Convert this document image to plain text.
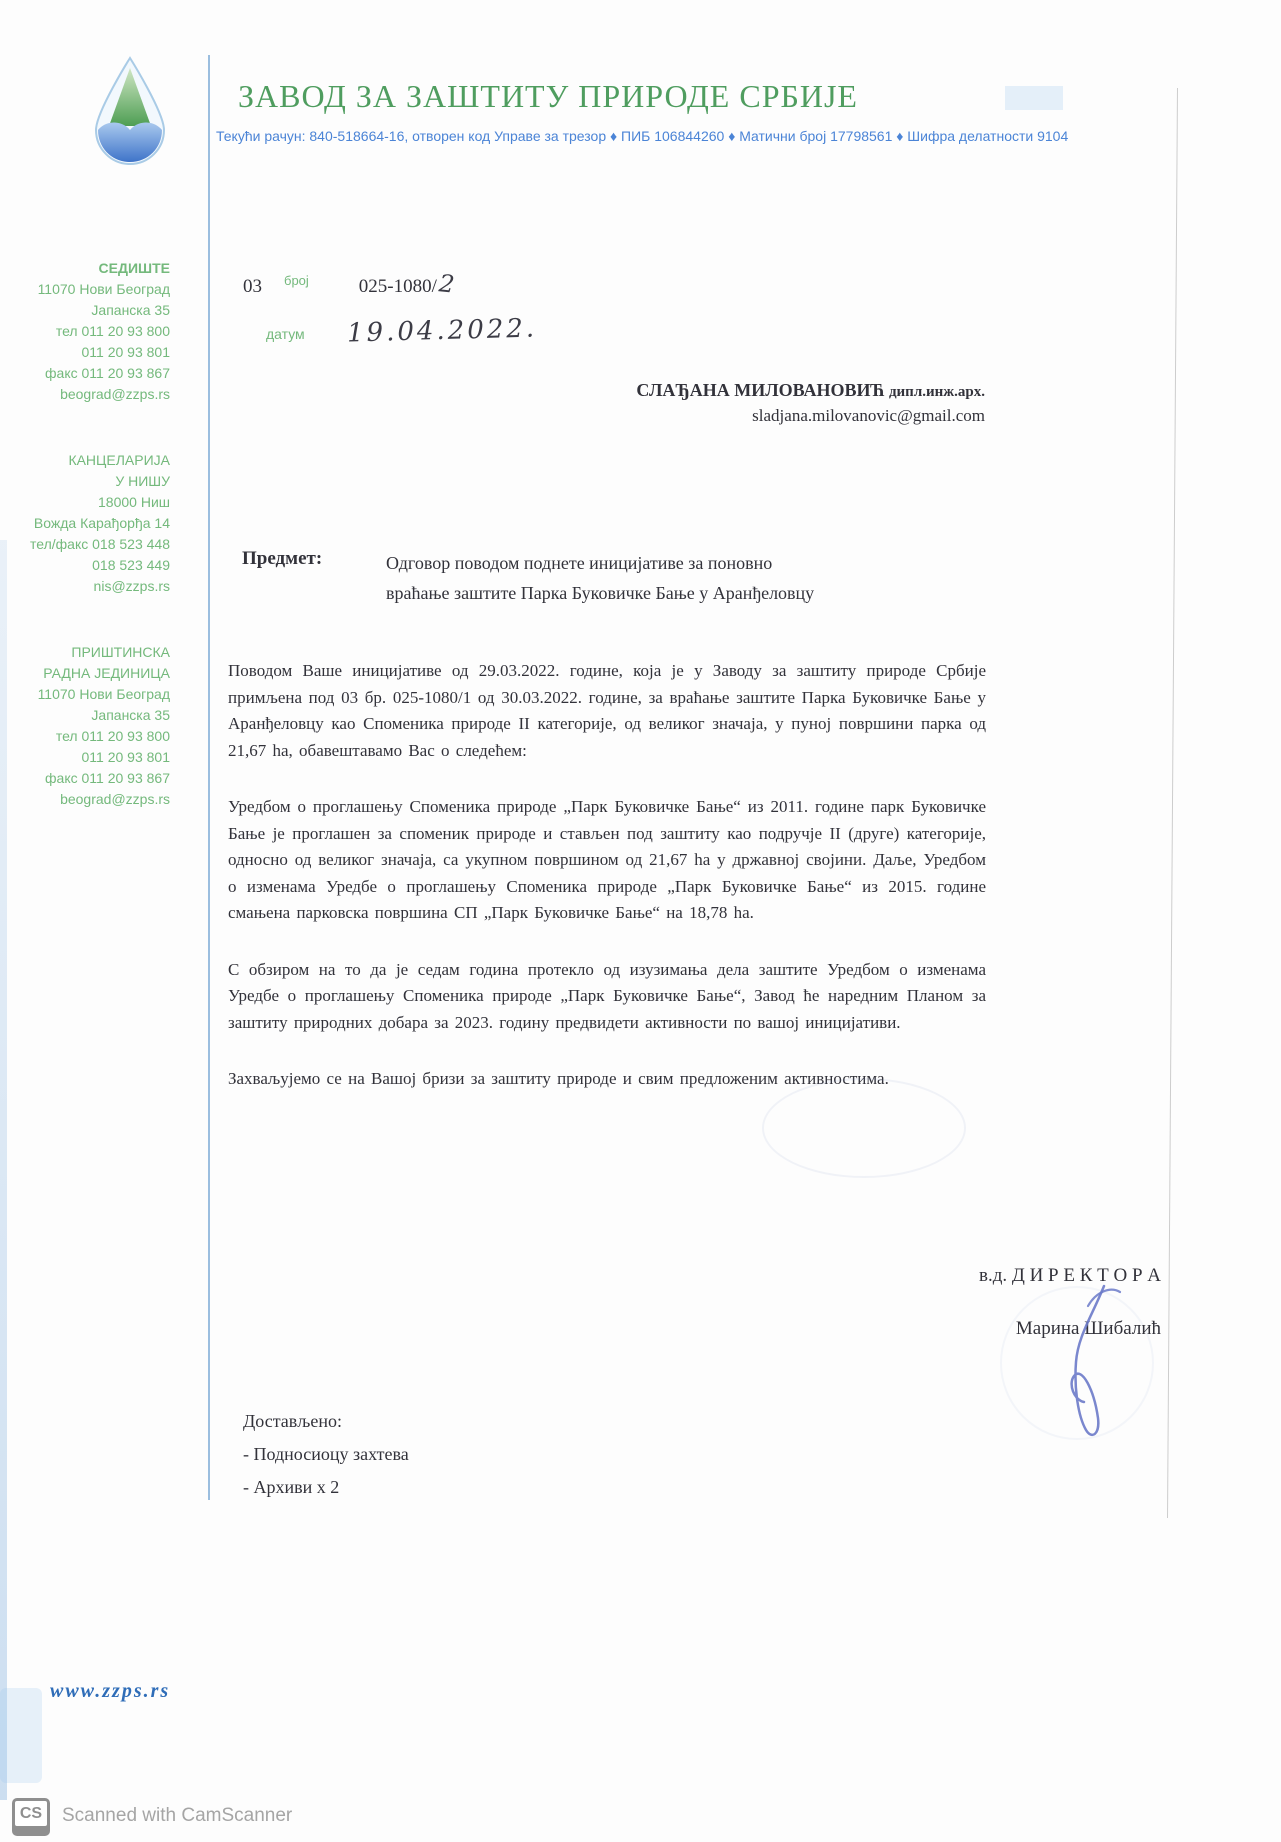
ЗАВОД ЗА ЗАШТИТУ ПРИРОДЕ СРБИЈЕ
Текући рачун: 840-518664-16, отворен код Управе за трезор ♦ ПИБ 106844260 ♦ Матични број 17798561 ♦ Шифра делатности 9104
СЕДИШТЕ
11070 Нови Београд
Јапанска 35
тел 011 20 93 800
011 20 93 801
факс 011 20 93 867
beograd@zzps.rs
КАНЦЕЛАРИЈА
У НИШУ
18000 Ниш
Вожда Карађорђа 14
тел/факс 018 523 448
018 523 449
nis@zzps.rs
ПРИШТИНСКА
РАДНА ЈЕДИНИЦА
11070 Нови Београд
Јапанска 35
тел 011 20 93 800
011 20 93 801
факс 011 20 93 867
beograd@zzps.rs
www.zzps.rs
03 $^{број}$	025-1080/2
датум 19.04.2022.
СЛАЂАНА МИЛОВАНОВИЋ дипл.инж.арх.
sladjana.milovanovic@gmail.com
Предмет:	Одговор поводом поднете иницијативе за поновно
враћање заштите Парка Буковичке Бање у Аранђеловцу

Поводом Ваше иницијативе од 29.03.2022. године, која је у Заводу за заштиту природе Србије примљена под 03 бр. 025-1080/1 од 30.03.2022. године, за враћање заштите Парка Буковичке Бање у Аранђеловцу као Споменика природе II категорије, од великог значаја, у пуној површини парка од 21,67 ha, обавештавамо Вас о следећем:

Уредбом о проглашењу Споменика природе „Парк Буковичке Бање“ из 2011. године парк Буковичке Бање је проглашен за споменик природе и стављен под заштиту као подручје II (друге) категорије, односно од великог значаја, са укупном површином од 21,67 ha у државној својини. Даље, Уредбом о изменама Уредбе о проглашењу Споменика природе „Парк Буковичке Бање“ из 2015. године смањена парковска површина СП „Парк Буковичке Бање“ на 18,78 ha.

С обзиром на то да је седам година протекло од изузимања дела заштите Уредбом о изменама Уредбе о проглашењу Споменика природе „Парк Буковичке Бање“, Завод ће наредним Планом за заштиту природних добара за 2023. годину предвидети активности по вашој иницијативи.

Захваљујемо се на Вашој бризи за заштиту природе и свим предложеним активностима.

в.д. Д И Р Е К Т О Р А
Марина Шибалић
Достављено:
- Подносиоцу захтева
- Архиви x 2
CS Scanned with CamScanner
